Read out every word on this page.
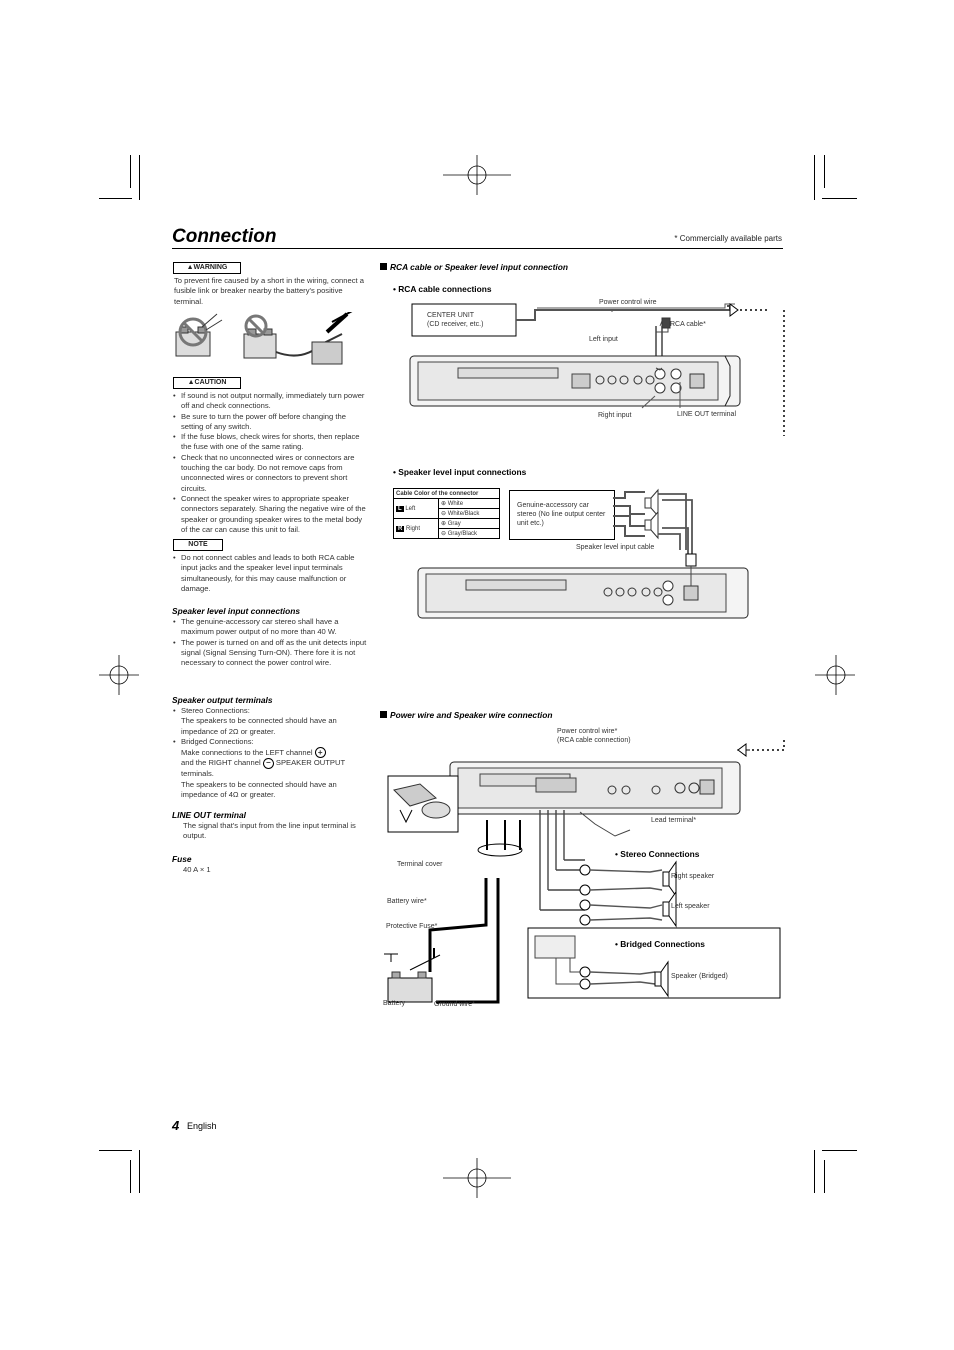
Connection	* Commercially available parts
▲WARNING
To prevent fire caused by a short in the wiring, connect a fusible link or breaker nearby the battery's positive terminal.
▲CAUTION
• If sound is not output normally, immediately turn power off and check connections.
• Be sure to turn the power off before changing the setting of any switch.
• If the fuse blows, check wires for shorts, then replace the fuse with one of the same rating.
• Check that no unconnected wires or connectors are touching the car body. Do not remove caps from unconnected wires or connectors to prevent short circuits.
• Connect the speaker wires to appropriate speaker connectors separately. Sharing the negative wire of the speaker or grounding speaker wires to the metal body of the car can cause this unit to fail.
NOTE
• Do not connect cables and leads to both RCA cable input jacks and the speaker level input terminals simultaneously, for this may cause malfunction or damage.
Speaker level input connections
• The genuine-accessory car stereo shall have a maximum power output of no more than 40 W.
• The power is turned on and off as the unit detects input signal (Signal Sensing Turn-ON). There fore it is not necessary to connect the power control wire.
Speaker output terminals
• Stereo Connections:
The speakers to be connected should have an impedance of 2Ω or greater.
• Bridged Connections:
Make connections to the LEFT channel +
and the RIGHT channel − SPEAKER OUTPUT
terminals.
The speakers to be connected should have an impedance of 4Ω or greater.
LINE OUT terminal
The signal that's input from the line input terminal is output.
Fuse
40 A × 1
RCA cable or Speaker level input connection
• RCA cable connections
CENTER UNIT
(CD receiver, etc.)
Power control wire
RCA cable*
Left input
Right input	LINE OUT terminal
• Speaker level input connections
Cable Color of the connector	
L Left	⊕ White
	⊖ White/Black
R Right	⊕ Gray
	⊖ Gray/Black
Genuine-accessory car stereo (No line output center unit etc.)
Speaker level input cable
Power wire and Speaker wire connection
Power control wire*
(RCA cable connection)
Lead terminal*
Terminal cover
• Stereo Connections
Right speaker
Left speaker
Battery wire*
Protective Fuse*
Battery	Ground wire*
• Bridged Connections
Speaker (Bridged)
4 English
